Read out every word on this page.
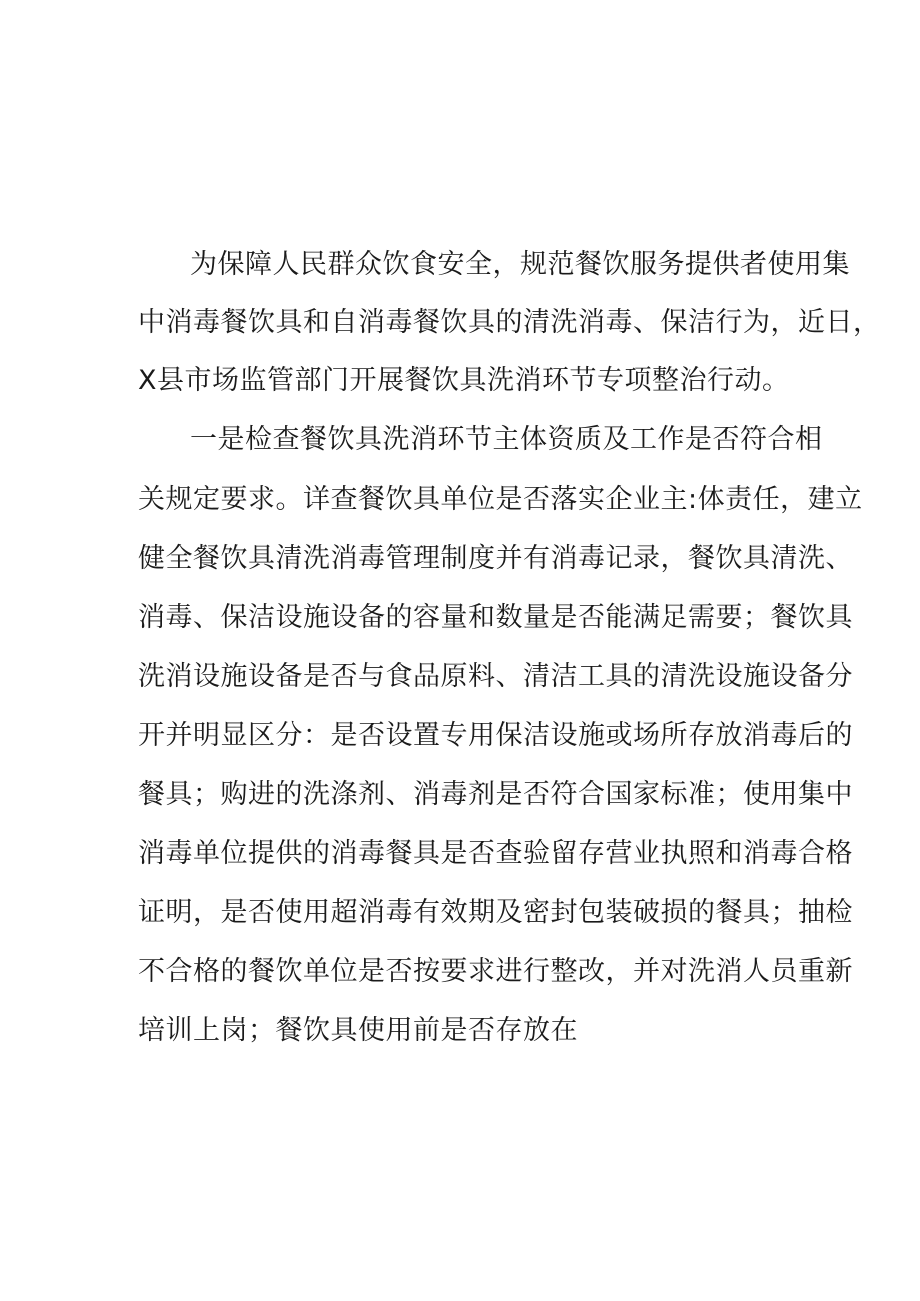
为保障人民群众饮食安全，规范餐饮服务提供者使用集
中消毒餐饮具和自消毒餐饮具的清洗消毒、保洁行为，近日，
X县市场监管部门开展餐饮具洗消环节专项整治行动。
一是检查餐饮具洗消环节主体资质及工作是否符合相
关规定要求。详查餐饮具单位是否落实企业主:体责任，建立
健全餐饮具清洗消毒管理制度并有消毒记录，餐饮具清洗、
消毒、保洁设施设备的容量和数量是否能满足需要；餐饮具
洗消设施设备是否与食品原料、清洁工具的清洗设施设备分
开并明显区分：是否设置专用保洁设施或场所存放消毒后的
餐具；购进的洗涤剂、消毒剂是否符合国家标准；使用集中
消毒单位提供的消毒餐具是否查验留存营业执照和消毒合格
证明，是否使用超消毒有效期及密封包装破损的餐具；抽检
不合格的餐饮单位是否按要求进行整改，并对洗消人员重新
培训上岗；餐饮具使用前是否存放在
